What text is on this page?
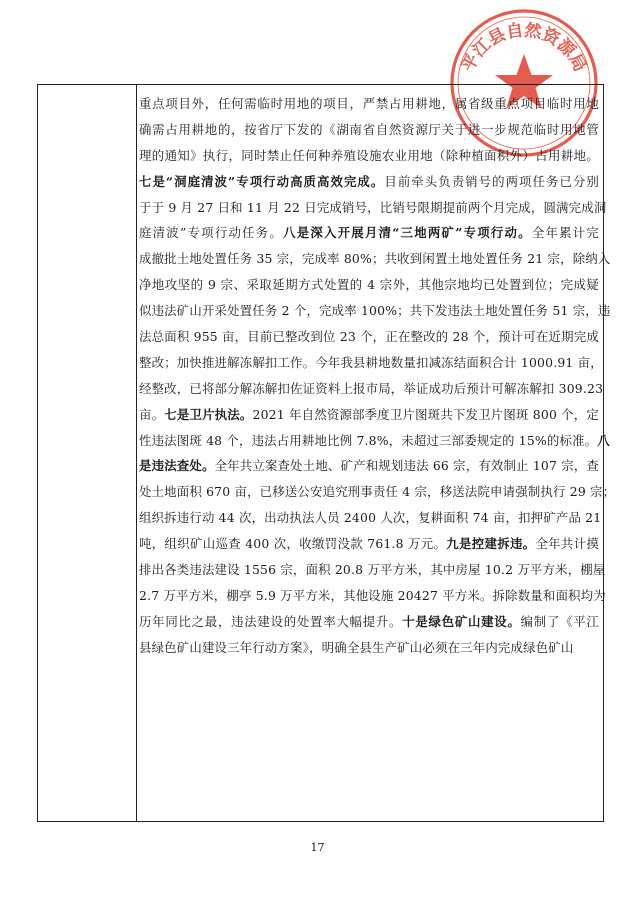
平江县自然资源局
重点项目外，任何需临时用地的项目，严禁占用耕地，属省级重点项目临时用地
确需占用耕地的，按省厅下发的《湖南省自然资源厅关于进一步规范临时用地管
理的通知》执行，同时禁止任何种养殖设施农业用地（除种植面积外）占用耕地。
七是“洞庭清波”专项行动高质高效完成。目前牵头负责销号的两项任务已分别
于于 9 月 27 日和 11 月 22 日完成销号，比销号限期提前两个月完成，圆满完成洞
庭清波”专项行动任务。八是深入开展月清“三地两矿”专项行动。全年累计完
成撤批土地处置任务 35 宗，完成率 80%；共收到闲置土地处置任务 21 宗，除纳入
净地攻坚的 9 宗、采取延期方式处置的 4 宗外，其他宗地均已处置到位；完成疑
似违法矿山开采处置任务 2 个，完成率 100%；共下发违法土地处置任务 51 宗，违
法总面积 955 亩，目前已整改到位 23 个，正在整改的 28 个，预计可在近期完成
整改；加快推进解冻解扣工作。今年我县耕地数量扣减冻结面积合计 1000.91 亩，
经整改，已将部分解冻解扣佐证资料上报市局，举证成功后预计可解冻解扣 309.23
亩。七是卫片执法。2021 年自然资源部季度卫片图斑共下发卫片图斑 800 个，定
性违法图斑 48 个，违法占用耕地比例 7.8%，未超过三部委规定的 15%的标准。八
是违法查处。全年共立案查处土地、矿产和规划违法 66 宗，有效制止 107 宗，查
处土地面积 670 亩，已移送公安追究刑事责任 4 宗，移送法院申请强制执行 29 宗；
组织拆违行动 44 次，出动执法人员 2400 人次，复耕面积 74 亩，扣押矿产品 21
吨，组织矿山巡查 400 次，收缴罚没款 761.8 万元。九是控建拆违。全年共计摸
排出各类违法建设 1556 宗，面积 20.8 万平方米，其中房屋 10.2 万平方米，棚屋
2.7 万平方米，棚亭 5.9 万平方米，其他设施 20427 平方米。拆除数量和面积均为
历年同比之最，违法建设的处置率大幅提升。十是绿色矿山建设。编制了《平江
县绿色矿山建设三年行动方案》，明确全县生产矿山必须在三年内完成绿色矿山
17
